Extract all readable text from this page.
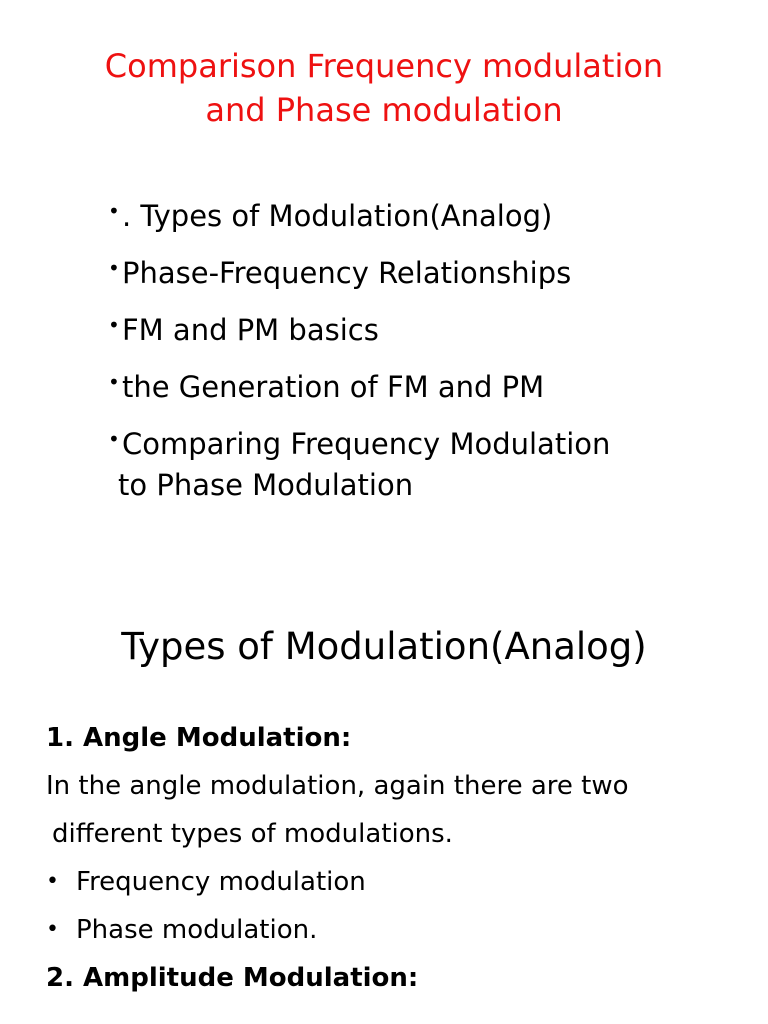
Comparison Frequency modulation
and Phase modulation
•. Types of Modulation(Analog)
•Phase-Frequency Relationships
•FM and PM basics
•the Generation of FM and PM
•Comparing Frequency Modulation
to Phase Modulation
Types of Modulation(Analog)
1. Angle Modulation:
In the angle modulation, again there are two
different types of modulations.
• Frequency modulation
• Phase modulation.
2. Amplitude Modulation:
